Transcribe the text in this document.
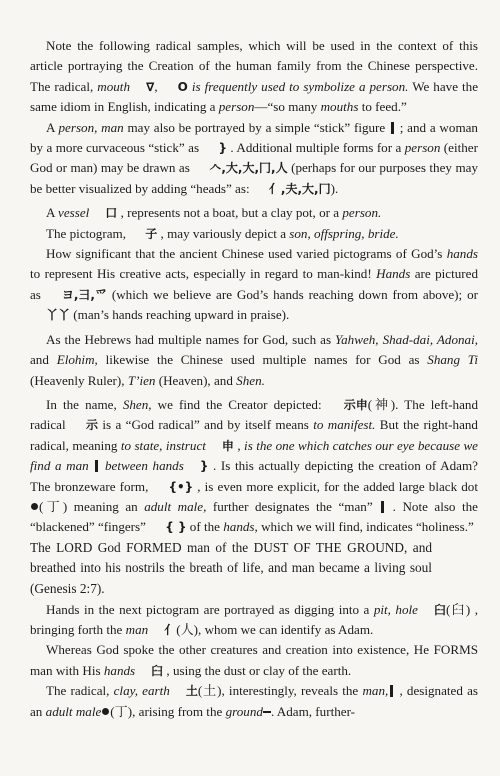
Note the following radical samples, which will be used in the context of this article portraying the Creation of the human family from the Chinese perspective. The radical, mouth ∇, O is frequently used to symbolize a person. We have the same idiom in English, indicating a person—“so many mouths to feed.”

A person, man may also be portrayed by a simple “stick” figure  ; and a woman by a more curvaceous “stick” as } . Additional multiple forms for a person (either God or man) may be drawn as 𠆢,大,大,冂,人 (perhaps for our purposes they may be better visualized by adding “heads” as: 亻,夫,大,冂).

A vessel 口 , represents not a boat, but a clay pot, or a person.

The pictogram, 子 , may variously depict a son, offspring, bride.

How significant that the ancient Chinese used varied pictograms of God’s hands to represent His creative acts, especially in regard to man-kind! Hands are pictured as ヨ,彐,爫 (which we believe are God’s hands reaching down from above); or 丫丫 (man’s hands reaching upward in praise).

As the Hebrews had multiple names for God, such as Yahweh, Shad-dai, Adonai, and Elohim, likewise the Chinese used multiple names for God as Shang Ti (Heavenly Ruler), T’ien (Heaven), and Shen.

In the name, Shen, we find the Creator depicted: 示申(神). The left-hand radical 示 is a “God radical” and by itself means to manifest. But the right-hand radical, meaning to state, instruct 申 , is the one which catches our eye because we find a man  between hands } . Is this actually depicting the creation of Adam? The bronzeware form, {•} , is even more explicit, for the added large black dot (丁) meaning an adult male, further designates the “man”  . Note also the “blackened” “fingers” { } of the hands, which we will find, indicates “holiness.”

The LORD God FORMED man of the DUST OF THE GROUND, and breathed into his nostrils the breath of life, and man became a living soul (Genesis 2:7).

Hands in the next pictogram are portrayed as digging into a pit, hole 臼(臼) , bringing forth the man 亻(人), whom we can identify as Adam.

Whereas God spoke the other creatures and creation into existence, He FORMS man with His hands 臼 , using the dust or clay of the earth.

The radical, clay, earth 土(土), interestingly, reveals the man, , designated as an adult male (丁), arising from the ground . Adam, further-
